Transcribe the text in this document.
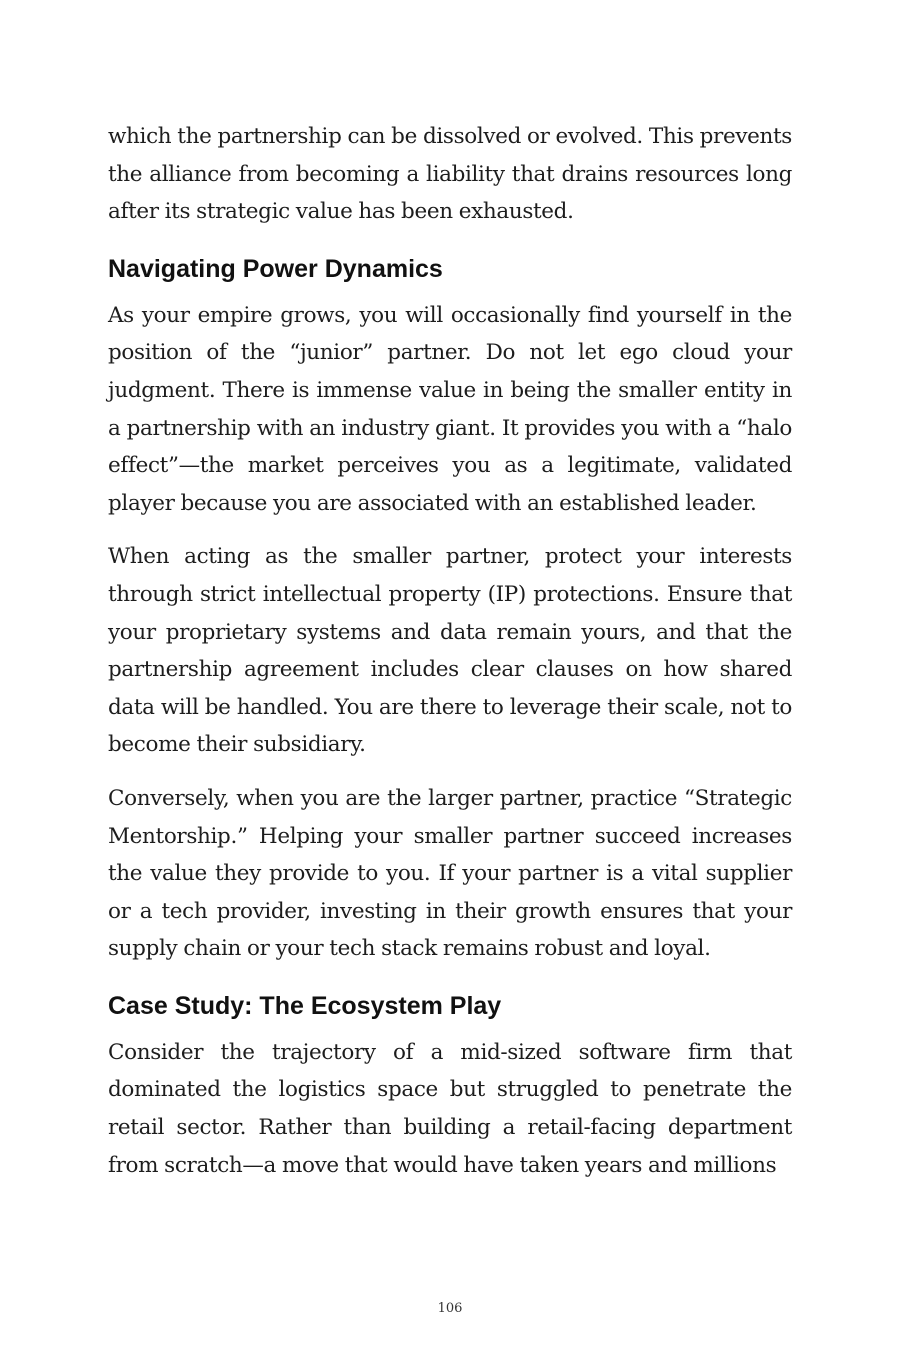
which the partnership can be dissolved or evolved. This prevents the alliance from becoming a liability that drains resources long after its strategic value has been exhausted.

Navigating Power Dynamics

As your empire grows, you will occasionally find yourself in the position of the “junior” partner. Do not let ego cloud your judgment. There is immense value in being the smaller entity in a partnership with an industry giant. It provides you with a “halo effect”—the market perceives you as a legitimate, validated player because you are associated with an established leader.

When acting as the smaller partner, protect your interests through strict intellectual property (IP) protections. Ensure that your proprietary systems and data remain yours, and that the partnership agreement includes clear clauses on how shared data will be handled. You are there to leverage their scale, not to become their subsidiary.

Conversely, when you are the larger partner, practice “Strategic Mentorship.” Helping your smaller partner succeed increases the value they provide to you. If your partner is a vital supplier or a tech provider, investing in their growth ensures that your supply chain or your tech stack remains robust and loyal.

Case Study: The Ecosystem Play

Consider the trajectory of a mid-sized software firm that dominated the logistics space but struggled to penetrate the retail sector. Rather than building a retail-facing department from scratch—a move that would have taken years and millions

106
